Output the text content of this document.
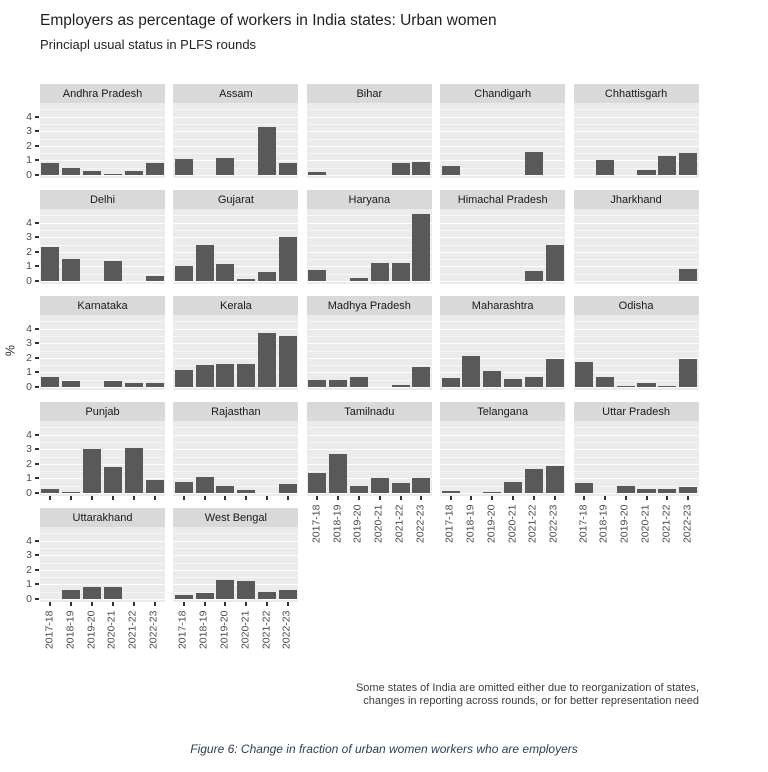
Employers as percentage of workers in India states: Urban women
Princiapl usual status in PLFS rounds
Andhra Pradesh
0
1
2
3
4
Assam	Bihar	Chandigarh	Chhattisgarh
Delhi
0
1
2
3
4
Gujarat	Haryana	Himachal Pradesh	Jharkhand
Karnataka
0
1
2
3
4
Kerala	Madhya Pradesh	Maharashtra	Odisha
Punjab
0
1
2
3
4
Rajasthan	Tamilnadu
2017-18 2018-19 2019-20 2020-21 2021-22 2022-23
Telangana
2017-18 2018-19 2019-20 2020-21 2021-22 2022-23
Uttar Pradesh
2017-18 2018-19 2019-20 2020-21 2021-22 2022-23
Uttarakhand
0
1
2
3
4
2017-18 2018-19 2019-20 2020-21 2021-22 2022-23
West Bengal
2017-18 2018-19 2019-20 2020-21 2021-22 2022-23
%
Some states of India are omitted either due to reorganization of states,
changes in reporting across rounds, or for better representation need
Figure 6: Change in fraction of urban women workers who are employers
